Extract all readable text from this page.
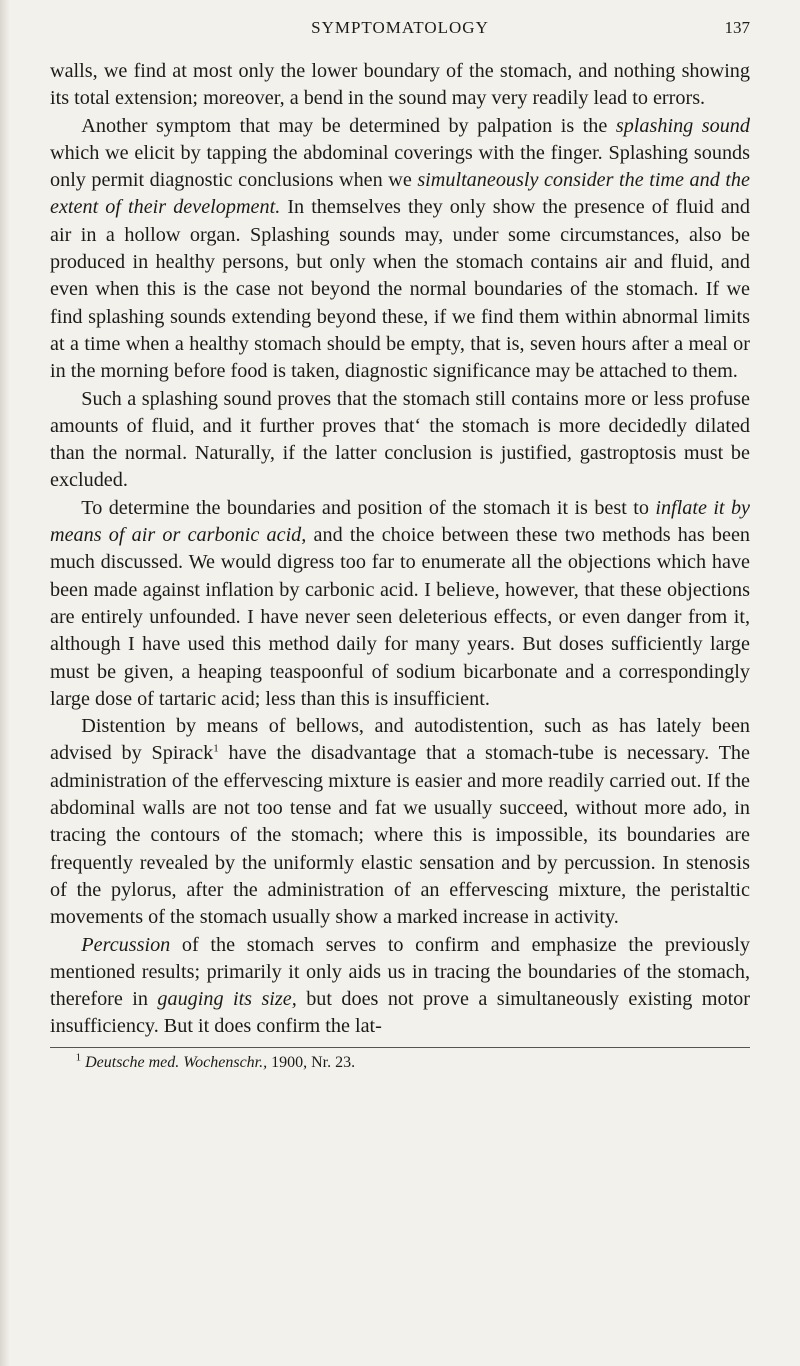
SYMPTOMATOLOGY	137

walls, we find at most only the lower boundary of the stomach, and nothing showing its total extension; moreover, a bend in the sound may very readily lead to errors.

Another symptom that may be determined by palpation is the splashing sound which we elicit by tapping the abdominal coverings with the finger. Splashing sounds only permit diagnostic conclusions when we simultaneously consider the time and the extent of their development. In themselves they only show the presence of fluid and air in a hollow organ. Splashing sounds may, under some circumstances, also be produced in healthy persons, but only when the stomach contains air and fluid, and even when this is the case not beyond the normal boundaries of the stomach. If we find splashing sounds extending beyond these, if we find them within abnormal limits at a time when a healthy stomach should be empty, that is, seven hours after a meal or in the morning before food is taken, diagnostic significance may be attached to them.

Such a splashing sound proves that the stomach still contains more or less profuse amounts of fluid, and it further proves thatʻ the stomach is more decidedly dilated than the normal. Naturally, if the latter conclusion is justified, gastroptosis must be excluded.

To determine the boundaries and position of the stomach it is best to inflate it by means of air or carbonic acid, and the choice between these two methods has been much discussed. We would digress too far to enumerate all the objections which have been made against inflation by carbonic acid. I believe, however, that these objections are entirely unfounded. I have never seen deleterious effects, or even danger from it, although I have used this method daily for many years. But doses sufficiently large must be given, a heaping teaspoonful of sodium bicarbonate and a correspondingly large dose of tartaric acid; less than this is insufficient.

Distention by means of bellows, and autodistention, such as has lately been advised by Spirack$^1$ have the disadvantage that a stomach-tube is necessary. The administration of the effervescing mixture is easier and more readily carried out. If the abdominal walls are not too tense and fat we usually succeed, without more ado, in tracing the contours of the stomach; where this is impossible, its boundaries are frequently revealed by the uniformly elastic sensation and by percussion. In stenosis of the pylorus, after the administration of an effervescing mixture, the peristaltic movements of the stomach usually show a marked increase in activity.

Percussion of the stomach serves to confirm and emphasize the previously mentioned results; primarily it only aids us in tracing the boundaries of the stomach, therefore in gauging its size, but does not prove a simultaneously existing motor insufficiency. But it does confirm the lat-

$^1$ Deutsche med. Wochenschr., 1900, Nr. 23.
